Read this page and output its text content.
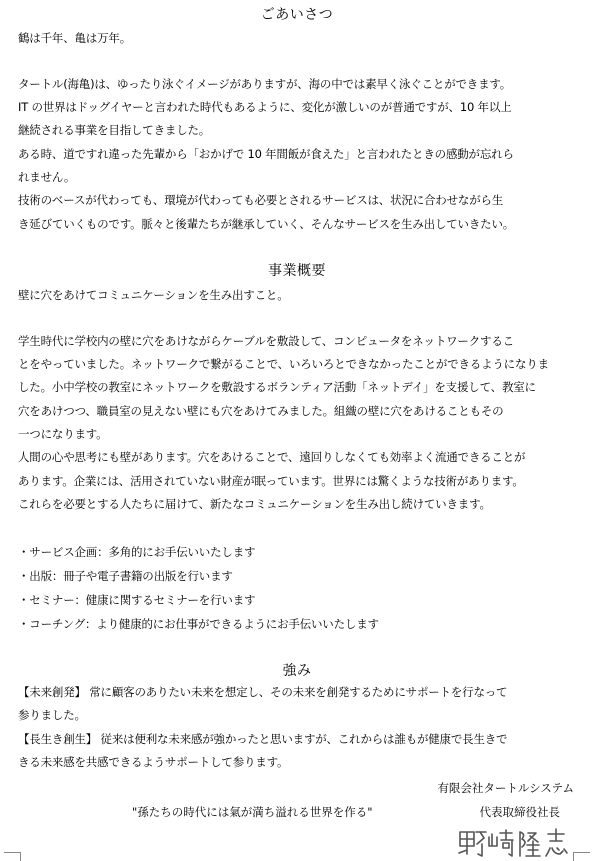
ごあいさつ
鶴は千年、亀は万年。
タートル(海亀)は、ゆったり泳ぐイメージがありますが、海の中では素早く泳ぐことができます。
IT の世界はドッグイヤーと言われた時代もあるように、変化が激しいのが普通ですが、10 年以上
継続される事業を目指してきました。
ある時、道ですれ違った先輩から「おかげで 10 年間飯が食えた」と言われたときの感動が忘れら
れません。
技術のベースが代わっても、環境が代わっても必要とされるサービスは、状況に合わせながら生
き延びていくものです。脈々と後輩たちが継承していく、そんなサービスを生み出していきたい。
事業概要
壁に穴をあけてコミュニケーションを生み出すこと。
学生時代に学校内の壁に穴をあけながらケーブルを敷設して、コンピュータをネットワークするこ
とをやっていました。ネットワークで繋がることで、いろいろとできなかったことができるようになりま
した。小中学校の教室にネットワークを敷設するボランティア活動「ネットデイ」を支援して、教室に
穴をあけつつ、職員室の見えない壁にも穴をあけてみました。組織の壁に穴をあけることもその
一つになります。
人間の心や思考にも壁があります。穴をあけることで、遠回りしなくても効率よく流通できることが
あります。企業には、活用されていない財産が眠っています。世界には驚くような技術があります。
これらを必要とする人たちに届けて、新たなコミュニケーションを生み出し続けていきます。
・サービス企画：多角的にお手伝いいたします
・出版：冊子や電子書籍の出版を行います
・セミナー：健康に関するセミナーを行います
・コーチング：より健康的にお仕事ができるようにお手伝いいたします
強み
【未来創発】 常に顧客のありたい未来を想定し、その未来を創発するためにサポートを行なって
参りました。
【長生き創生】 従来は便利な未来感が強かったと思いますが、これからは誰もが健康で長生きで
きる未来感を共感できるようサポートして参ります。
有限会社タートルシステム
"孫たちの時代には氣が満ち溢れる世界を作る"	代表取締役社長
